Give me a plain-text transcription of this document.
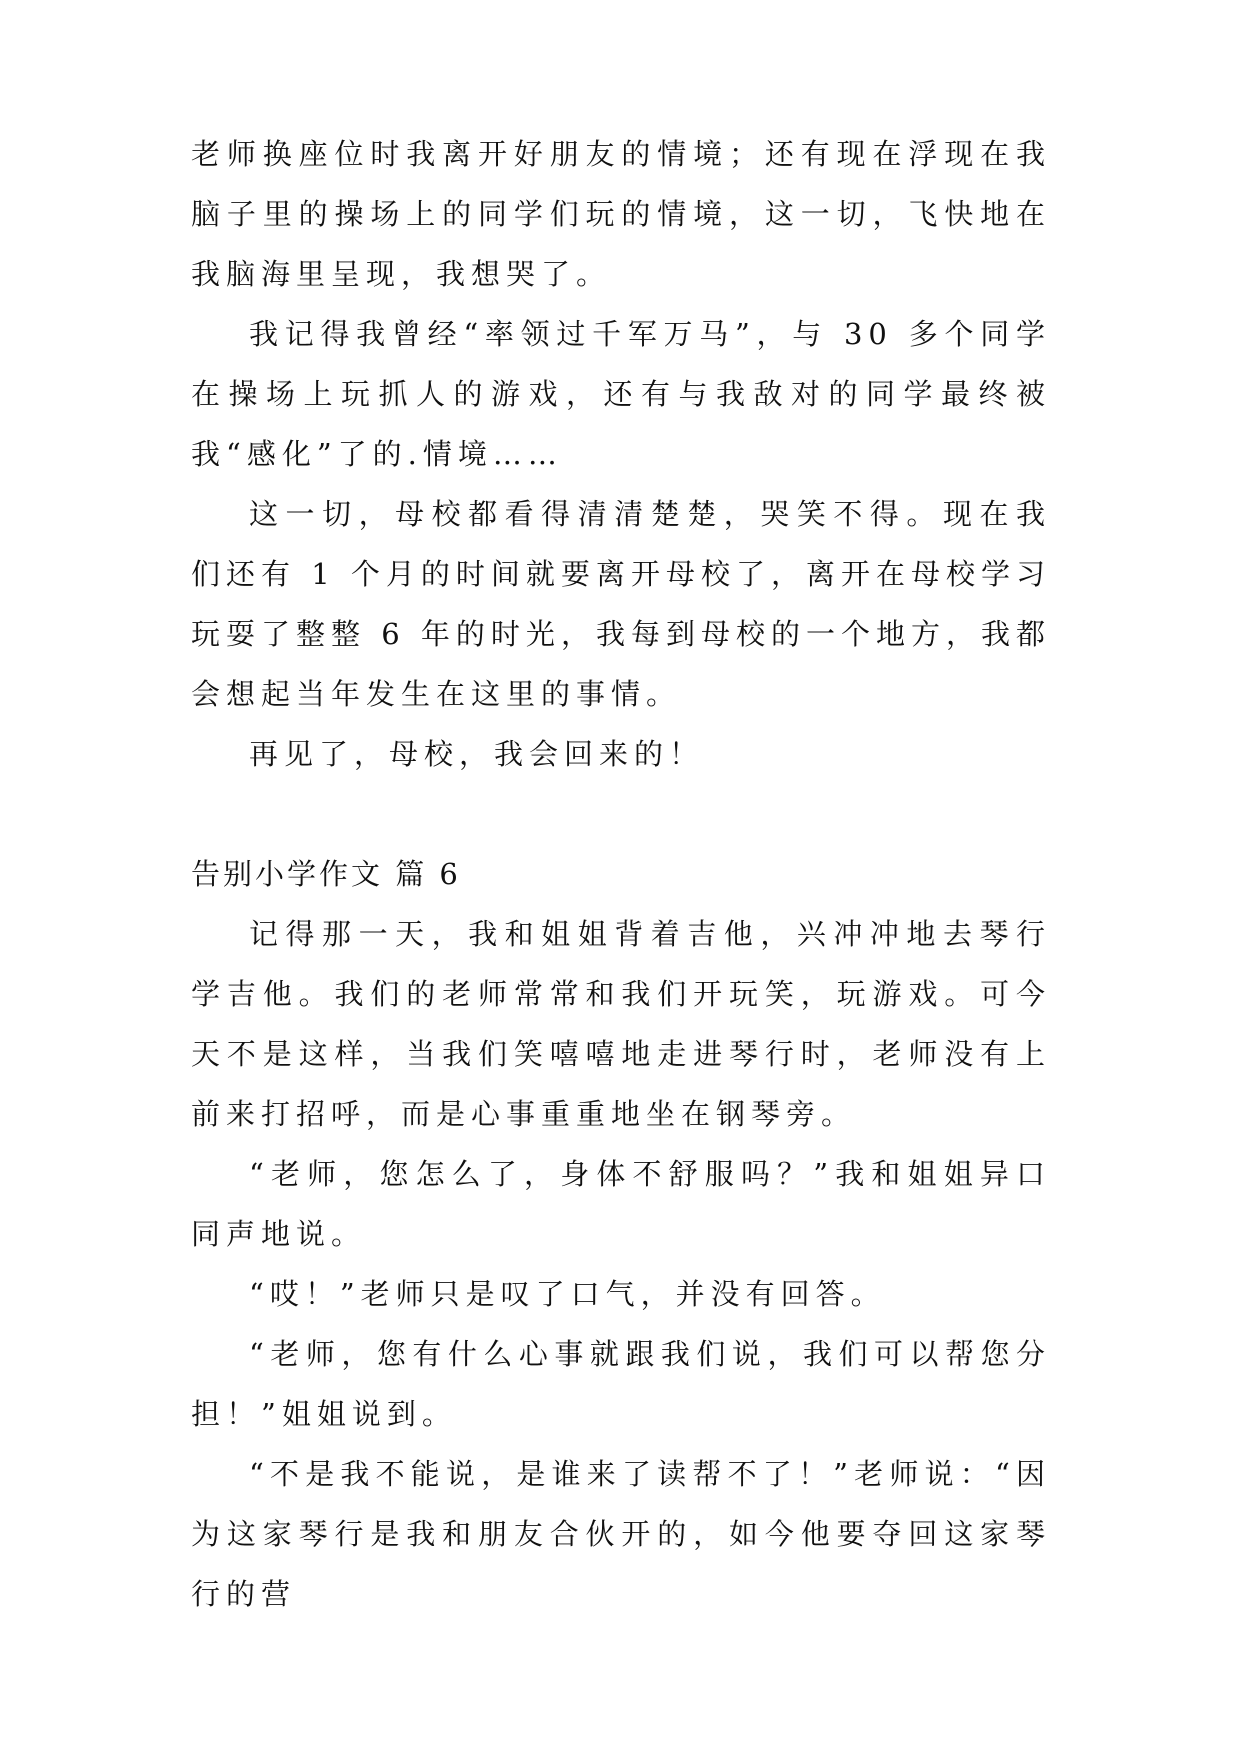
老师换座位时我离开好朋友的情境；还有现在浮现在我脑子里的操场上的同学们玩的情境，这一切，飞快地在我脑海里呈现，我想哭了。

我记得我曾经“率领过千军万马”，与 30 多个同学在操场上玩抓人的游戏，还有与我敌对的同学最终被我“感化”了的.情境……

这一切，母校都看得清清楚楚，哭笑不得。现在我们还有 1 个月的时间就要离开母校了，离开在母校学习玩耍了整整 6 年的时光，我每到母校的一个地方，我都会想起当年发生在这里的事情。

再见了，母校，我会回来的！

告别小学作文 篇 6

记得那一天，我和姐姐背着吉他，兴冲冲地去琴行学吉他。我们的老师常常和我们开玩笑，玩游戏。可今天不是这样，当我们笑嘻嘻地走进琴行时，老师没有上前来打招呼，而是心事重重地坐在钢琴旁。

“老师，您怎么了，身体不舒服吗？”我和姐姐异口同声地说。

“哎！”老师只是叹了口气，并没有回答。

“老师，您有什么心事就跟我们说，我们可以帮您分担！”姐姐说到。

“不是我不能说，是谁来了读帮不了！”老师说：“因为这家琴行是我和朋友合伙开的，如今他要夺回这家琴行的营
